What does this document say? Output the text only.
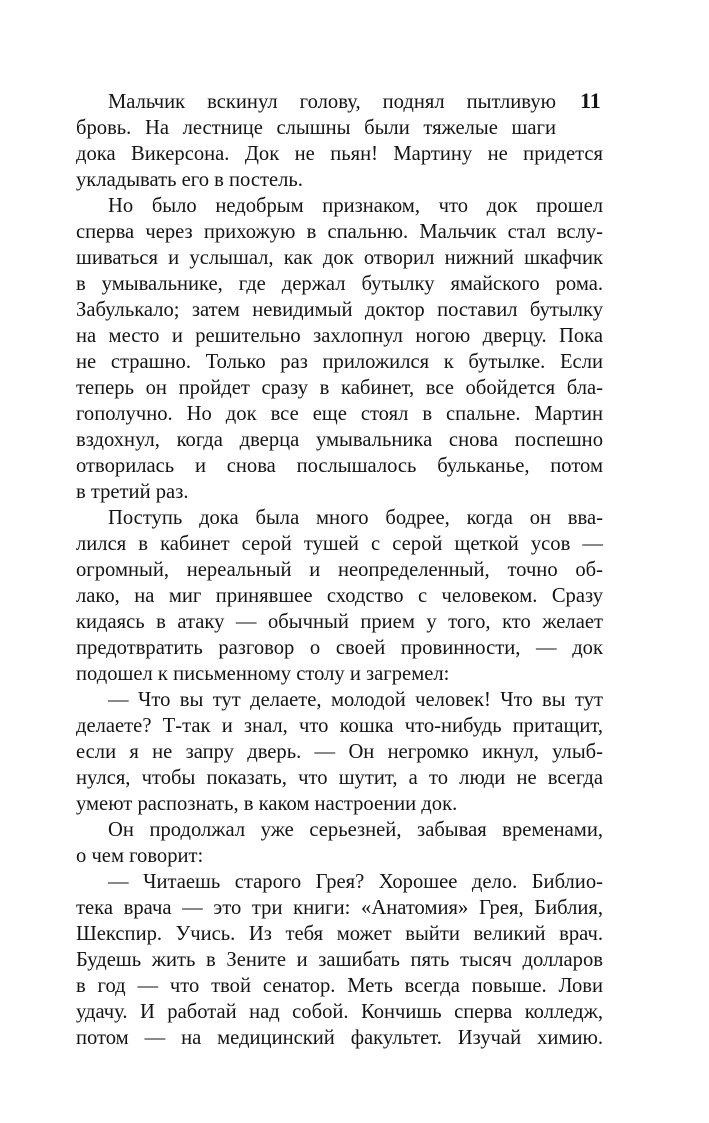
11
Мальчик вскинул голову, поднял пытливую
бровь. На лестнице слышны были тяжелые шаги
дока Викерсона. Док не пьян! Мартину не придется
укладывать его в постель.
Но было недобрым признаком, что док прошел
сперва через прихожую в спальню. Мальчик стал вслу-
шиваться и услышал, как док отворил нижний шкафчик
в умывальнике, где держал бутылку ямайского рома.
Забулькало; затем невидимый доктор поставил бутылку
на место и решительно захлопнул ногою дверцу. Пока
не страшно. Только раз приложился к бутылке. Если
теперь он пройдет сразу в кабинет, все обойдется бла-
гополучно. Но док все еще стоял в спальне. Мартин
вздохнул, когда дверца умывальника снова поспешно
отворилась и снова послышалось бульканье, потом
в третий раз.
Поступь дока была много бодрее, когда он вва-
лился в кабинет серой тушей с серой щеткой усов —
огромный, нереальный и неопределенный, точно об-
лако, на миг принявшее сходство с человеком. Сразу
кидаясь в атаку — обычный прием у того, кто желает
предотвратить разговор о своей провинности, — док
подошел к письменному столу и загремел:
— Что вы тут делаете, молодой человек! Что вы тут
делаете? Т-так и знал, что кошка что-нибудь притащит,
если я не запру дверь. — Он негромко икнул, улыб-
нулся, чтобы показать, что шутит, а то люди не всегда
умеют распознать, в каком настроении док.
Он продолжал уже серьезней, забывая временами,
о чем говорит:
— Читаешь старого Грея? Хорошее дело. Библио-
тека врача — это три книги: «Анатомия» Грея, Библия,
Шекспир. Учись. Из тебя может выйти великий врач.
Будешь жить в Зените и зашибать пять тысяч долларов
в год — что твой сенатор. Меть всегда повыше. Лови
удачу. И работай над собой. Кончишь сперва колледж,
потом — на медицинский факультет. Изучай химию.
